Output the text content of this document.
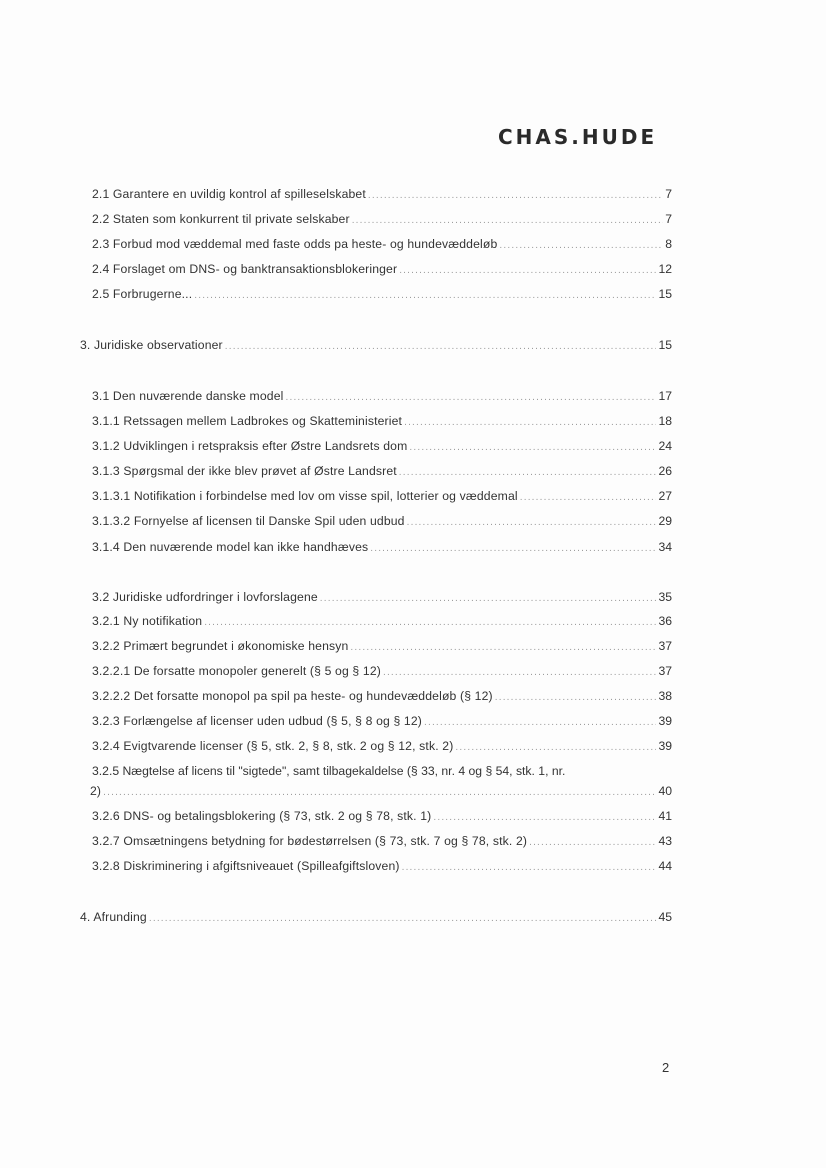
CHAS.HUDE
2.1 Garantere en uvildig kontrol af spilleselskabet .....	7
2.2 Staten som konkurrent til private selskaber .....	7
2.3 Forbud mod væddemal med faste odds pa heste- og hundevæddeløb .....	8
2.4 Forslaget om DNS- og banktransaktionsblokeringer .....	12
2.5 Forbrugerne... .....	15
3. Juridiske observationer .....	15
3.1 Den nuværende danske model .....	17
3.1.1 Retssagen mellem Ladbrokes og Skatteministeriet .....	18
3.1.2 Udviklingen i retspraksis efter Østre Landsrets dom .....	24
3.1.3 Spørgsmal der ikke blev prøvet af Østre Landsret .....	26
3.1.3.1 Notifikation i forbindelse med lov om visse spil, lotterier og væddemal .....	27
3.1.3.2 Fornyelse af licensen til Danske Spil uden udbud .....	29
3.1.4 Den nuværende model kan ikke handhæves .....	34
3.2 Juridiske udfordringer i lovforslagene .....	35
3.2.1 Ny notifikation .....	36
3.2.2 Primært begrundet i økonomiske hensyn .....	37
3.2.2.1 De forsatte monopoler generelt (§ 5 og § 12) .....	37
3.2.2.2 Det forsatte monopol pa spil pa heste- og hundevæddeløb (§ 12) .....	38
3.2.3 Forlængelse af licenser uden udbud (§ 5, § 8 og § 12) .....	39
3.2.4 Evigtvarende licenser (§ 5, stk. 2, § 8, stk. 2 og § 12, stk. 2) .....	39
3.2.5 Nægtelse af licens til "sigtede", samt tilbagekaldelse (§ 33, nr. 4 og § 54, stk. 1, nr.
2) .....	40
3.2.6 DNS- og betalingsblokering (§ 73, stk. 2 og § 78, stk. 1) .....	41
3.2.7 Omsætningens betydning for bødestørrelsen (§ 73, stk. 7 og § 78, stk. 2) .....	43
3.2.8 Diskriminering i afgiftsniveauet (Spilleafgiftsloven) .....	44
4. Afrunding .....	45
2
